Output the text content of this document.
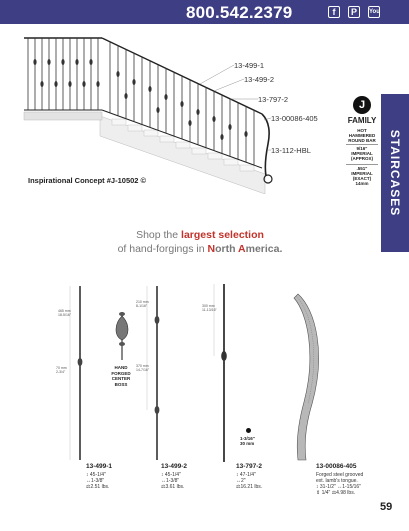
800.542.2379	f	P	You
STAIRCASES
13-499-1
13-499-2
13-797-2
13-00086-405
13-112-HBL
Inspirational Concept #J-10502 ©
J
FAMILY
HOT
HAMMERED
ROUND BAR
9/16"
IMPERIAL
(APPROX)
.551"
IMPERIAL
(EXACT)
14mm
Shop the largest selection
of hand-forgings in North America.
465 mm
18-5/16"
70 mm
2-3/4"
210 mm
8-1/16"
370 mm
14-7/16"
300 mm
11-13/16"
HAND
FORGED
CENTER
BOSS
1-3/16"
30 mm
13-499-1
↕ 45-1/4"
↔1-3/8"
⚖2.51 lbs.
13-499-2
↕ 45-1/4"
↔1-3/8"
⚖3.61 lbs.
13-797-2
↕ 47-1/4"
↔2"
⚖16.21 lbs.
13-00086-405
Forged steel grooved
ext. lamb's tongue.
↕ 31-1/2" ↔1-15/16"
⇕ 1/4" ⚖4.98 lbs.
59
